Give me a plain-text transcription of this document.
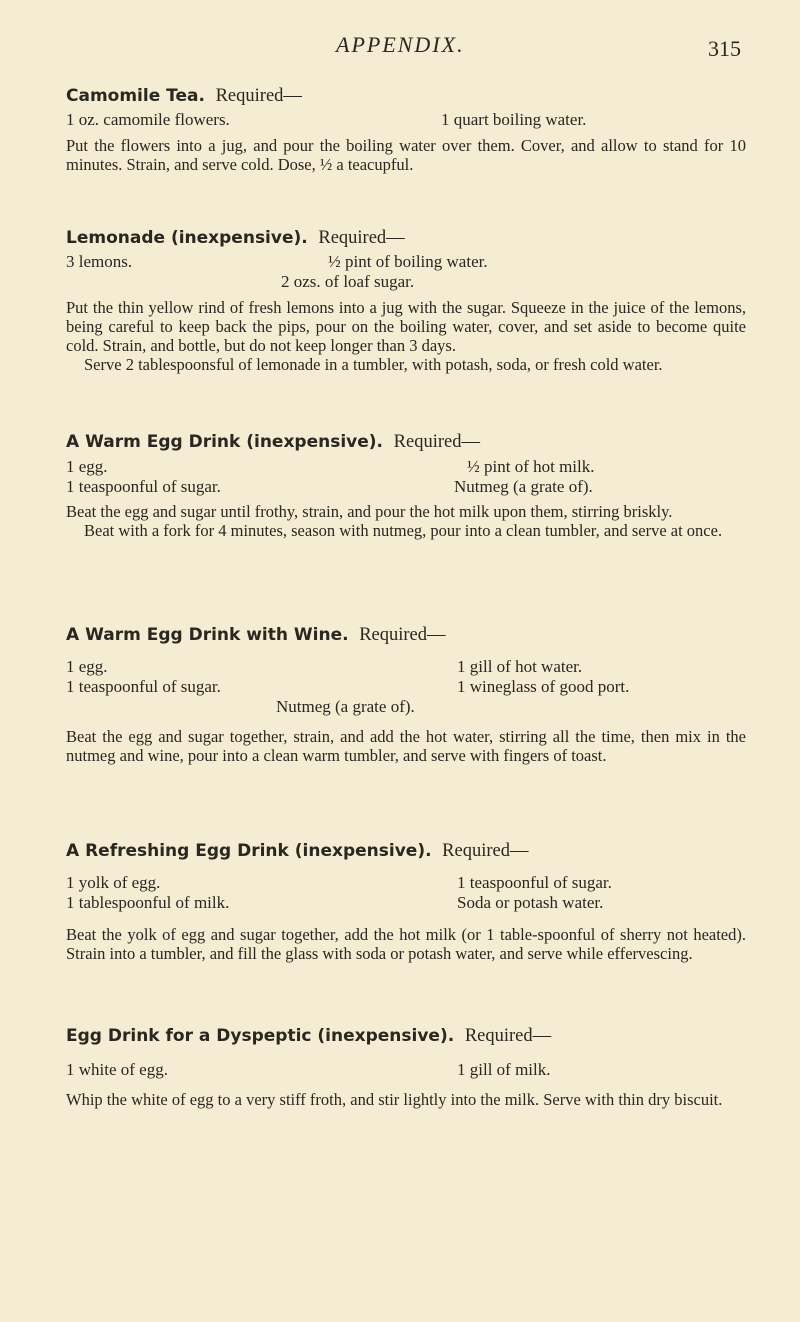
APPENDIX.	315
Camomile Tea. Required—
1 oz. camomile flowers.	1 quart boiling water.

Put the flowers into a jug, and pour the boiling water over them. Cover, and allow to stand for 10 minutes. Strain, and serve cold. Dose, ½ a teacupful.

Lemonade (inexpensive). Required—
3 lemons.	½ pint of boiling water.
2 ozs. of loaf sugar.

Put the thin yellow rind of fresh lemons into a jug with the sugar. Squeeze in the juice of the lemons, being careful to keep back the pips, pour on the boiling water, cover, and set aside to become quite cold. Strain, and bottle, but do not keep longer than 3 days.

Serve 2 tablespoonsful of lemonade in a tumbler, with potash, soda, or fresh cold water.

A Warm Egg Drink (inexpensive). Required—
1 egg.	½ pint of hot milk.
1 teaspoonful of sugar.	Nutmeg (a grate of).

Beat the egg and sugar until frothy, strain, and pour the hot milk upon them, stirring briskly.

Beat with a fork for 4 minutes, season with nutmeg, pour into a clean tumbler, and serve at once.

A Warm Egg Drink with Wine. Required—
1 egg.	1 gill of hot water.
1 teaspoonful of sugar.	1 wineglass of good port.
Nutmeg (a grate of).

Beat the egg and sugar together, strain, and add the hot water, stirring all the time, then mix in the nutmeg and wine, pour into a clean warm tumbler, and serve with fingers of toast.

A Refreshing Egg Drink (inexpensive). Required—
1 yolk of egg.	1 teaspoonful of sugar.
1 tablespoonful of milk.	Soda or potash water.

Beat the yolk of egg and sugar together, add the hot milk (or 1 table-spoonful of sherry not heated). Strain into a tumbler, and fill the glass with soda or potash water, and serve while effervescing.

Egg Drink for a Dyspeptic (inexpensive). Required—
1 white of egg.	1 gill of milk.

Whip the white of egg to a very stiff froth, and stir lightly into the milk. Serve with thin dry biscuit.
